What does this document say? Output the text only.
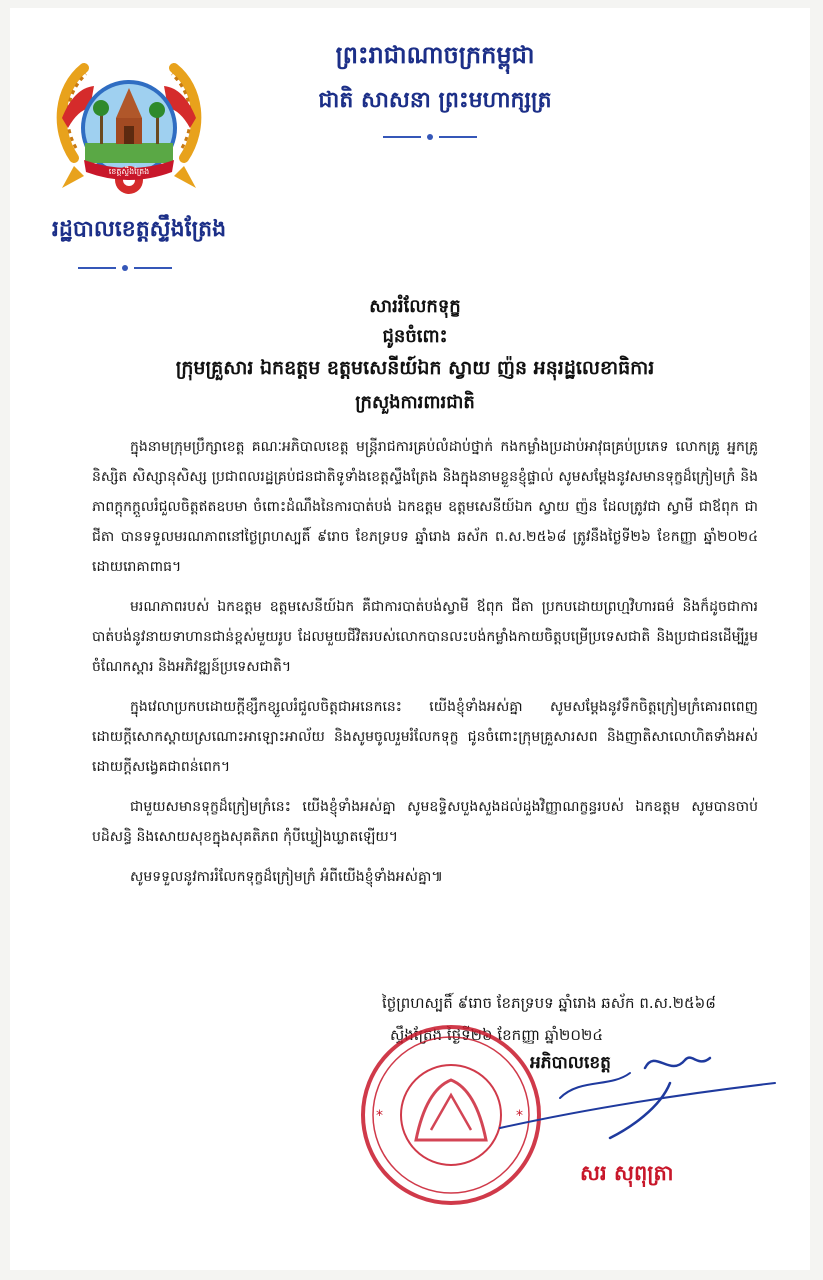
ខេត្តស្ទឹងត្រែង
រដ្ឋបាលខេត្តស្ទឹងត្រែង
ព្រះរាជាណាចក្រកម្ពុជា
ជាតិ សាសនា ព្រះមហាក្សត្រ
សាររំលែកទុក្ខ
ជូនចំពោះ
ក្រុមគ្រួសារ ឯកឧត្តម ឧត្តមសេនីយ៍ឯក ស្វាយ ញ៉ន អនុរដ្ឋលេខាធិការ
ក្រសួងការពារជាតិ

ក្នុងនាមក្រុមប្រឹក្សាខេត្ត គណៈអភិបាលខេត្ត មន្ត្រីរាជការគ្រប់លំដាប់ថ្នាក់ កងកម្លាំងប្រដាប់អាវុធគ្រប់ប្រភេទ លោកគ្រូ អ្នកគ្រូ និស្សិត សិស្សានុសិស្ស ប្រជាពលរដ្ឋគ្រប់ជនជាតិទូទាំងខេត្តស្ទឹងត្រែង និងក្នុងនាមខ្លួនខ្ញុំផ្ទាល់ សូមសម្តែងនូវសមានទុក្ខដ៏ក្រៀមក្រំ និងភាពក្តុកក្តួលរំជួលចិត្តឥតឧបមា ចំពោះដំណឹងនៃការបាត់បង់ ឯកឧត្តម ឧត្តមសេនីយ៍ឯក ស្វាយ ញ៉ន ដែលត្រូវជា ស្វាមី ជាឪពុក ជាជីតា បានទទួលមរណភាពនៅថ្ងៃព្រហស្បតិ៍ ៩រោច ខែភទ្របទ ឆ្នាំរោង ឆស័ក ព.ស.២៥៦៨ ត្រូវនឹងថ្ងៃទី២៦ ខែកញ្ញា ឆ្នាំ២០២៤ ដោយរោគាពាធ។

មរណភាពរបស់ ឯកឧត្តម ឧត្តមសេនីយ៍ឯក គឺជាការបាត់បង់ស្វាមី ឪពុក ជីតា ប្រកបដោយព្រហ្មវិហារធម៌ និងក៏ដូចជាការបាត់បង់នូវនាយទាហានជាន់ខ្ពស់មួយរូប ដែលមួយជីវិតរបស់លោកបានលះបង់កម្លាំងកាយចិត្តបម្រើប្រទេសជាតិ និងប្រជាជនដើម្បីរួមចំណែកស្តារ និងអភិវឌ្ឍន៍ប្រទេសជាតិ។

ក្នុងវេលាប្រកបដោយក្តីខ្សឹកខ្សួលរំជួលចិត្តជាអនេកនេះ យើងខ្ញុំទាំងអស់គ្នា សូមសម្តែងនូវទឹកចិត្តក្រៀមក្រំគោរពពេញដោយក្តីសោកស្តាយស្រណោះអាឡោះអាល័យ និងសូមចូលរួមរំលែកទុក្ខ ជូនចំពោះក្រុមគ្រួសារសព និងញាតិសាលោហិតទាំងអស់ ដោយក្តីសង្វេគជាពន់ពេក។

ជាមួយសមានទុក្ខដ៏ក្រៀមក្រំនេះ យើងខ្ញុំទាំងអស់គ្នា សូមឧទ្ទិសបួងសួងដល់ដួងវិញ្ញាណក្ខន្ធរបស់ ឯកឧត្តម សូមបានចាប់បដិសន្ធិ និងសោយសុខក្នុងសុគតិភព កុំបីឃ្លៀងឃ្លាតឡើយ។

សូមទទួលនូវការរំលែកទុក្ខដ៏ក្រៀមក្រំ អំពីយើងខ្ញុំទាំងអស់គ្នា៕

ថ្ងៃព្រហស្បតិ៍ ៩រោច ខែភទ្របទ ឆ្នាំរោង ឆស័ក ព.ស.២៥៦៨
ស្ទឹងត្រែង ថ្ងៃទី២៦ ខែកញ្ញា ឆ្នាំ២០២៤
*	*
អភិបាលខេត្ត
សរ សុពុត្រា
